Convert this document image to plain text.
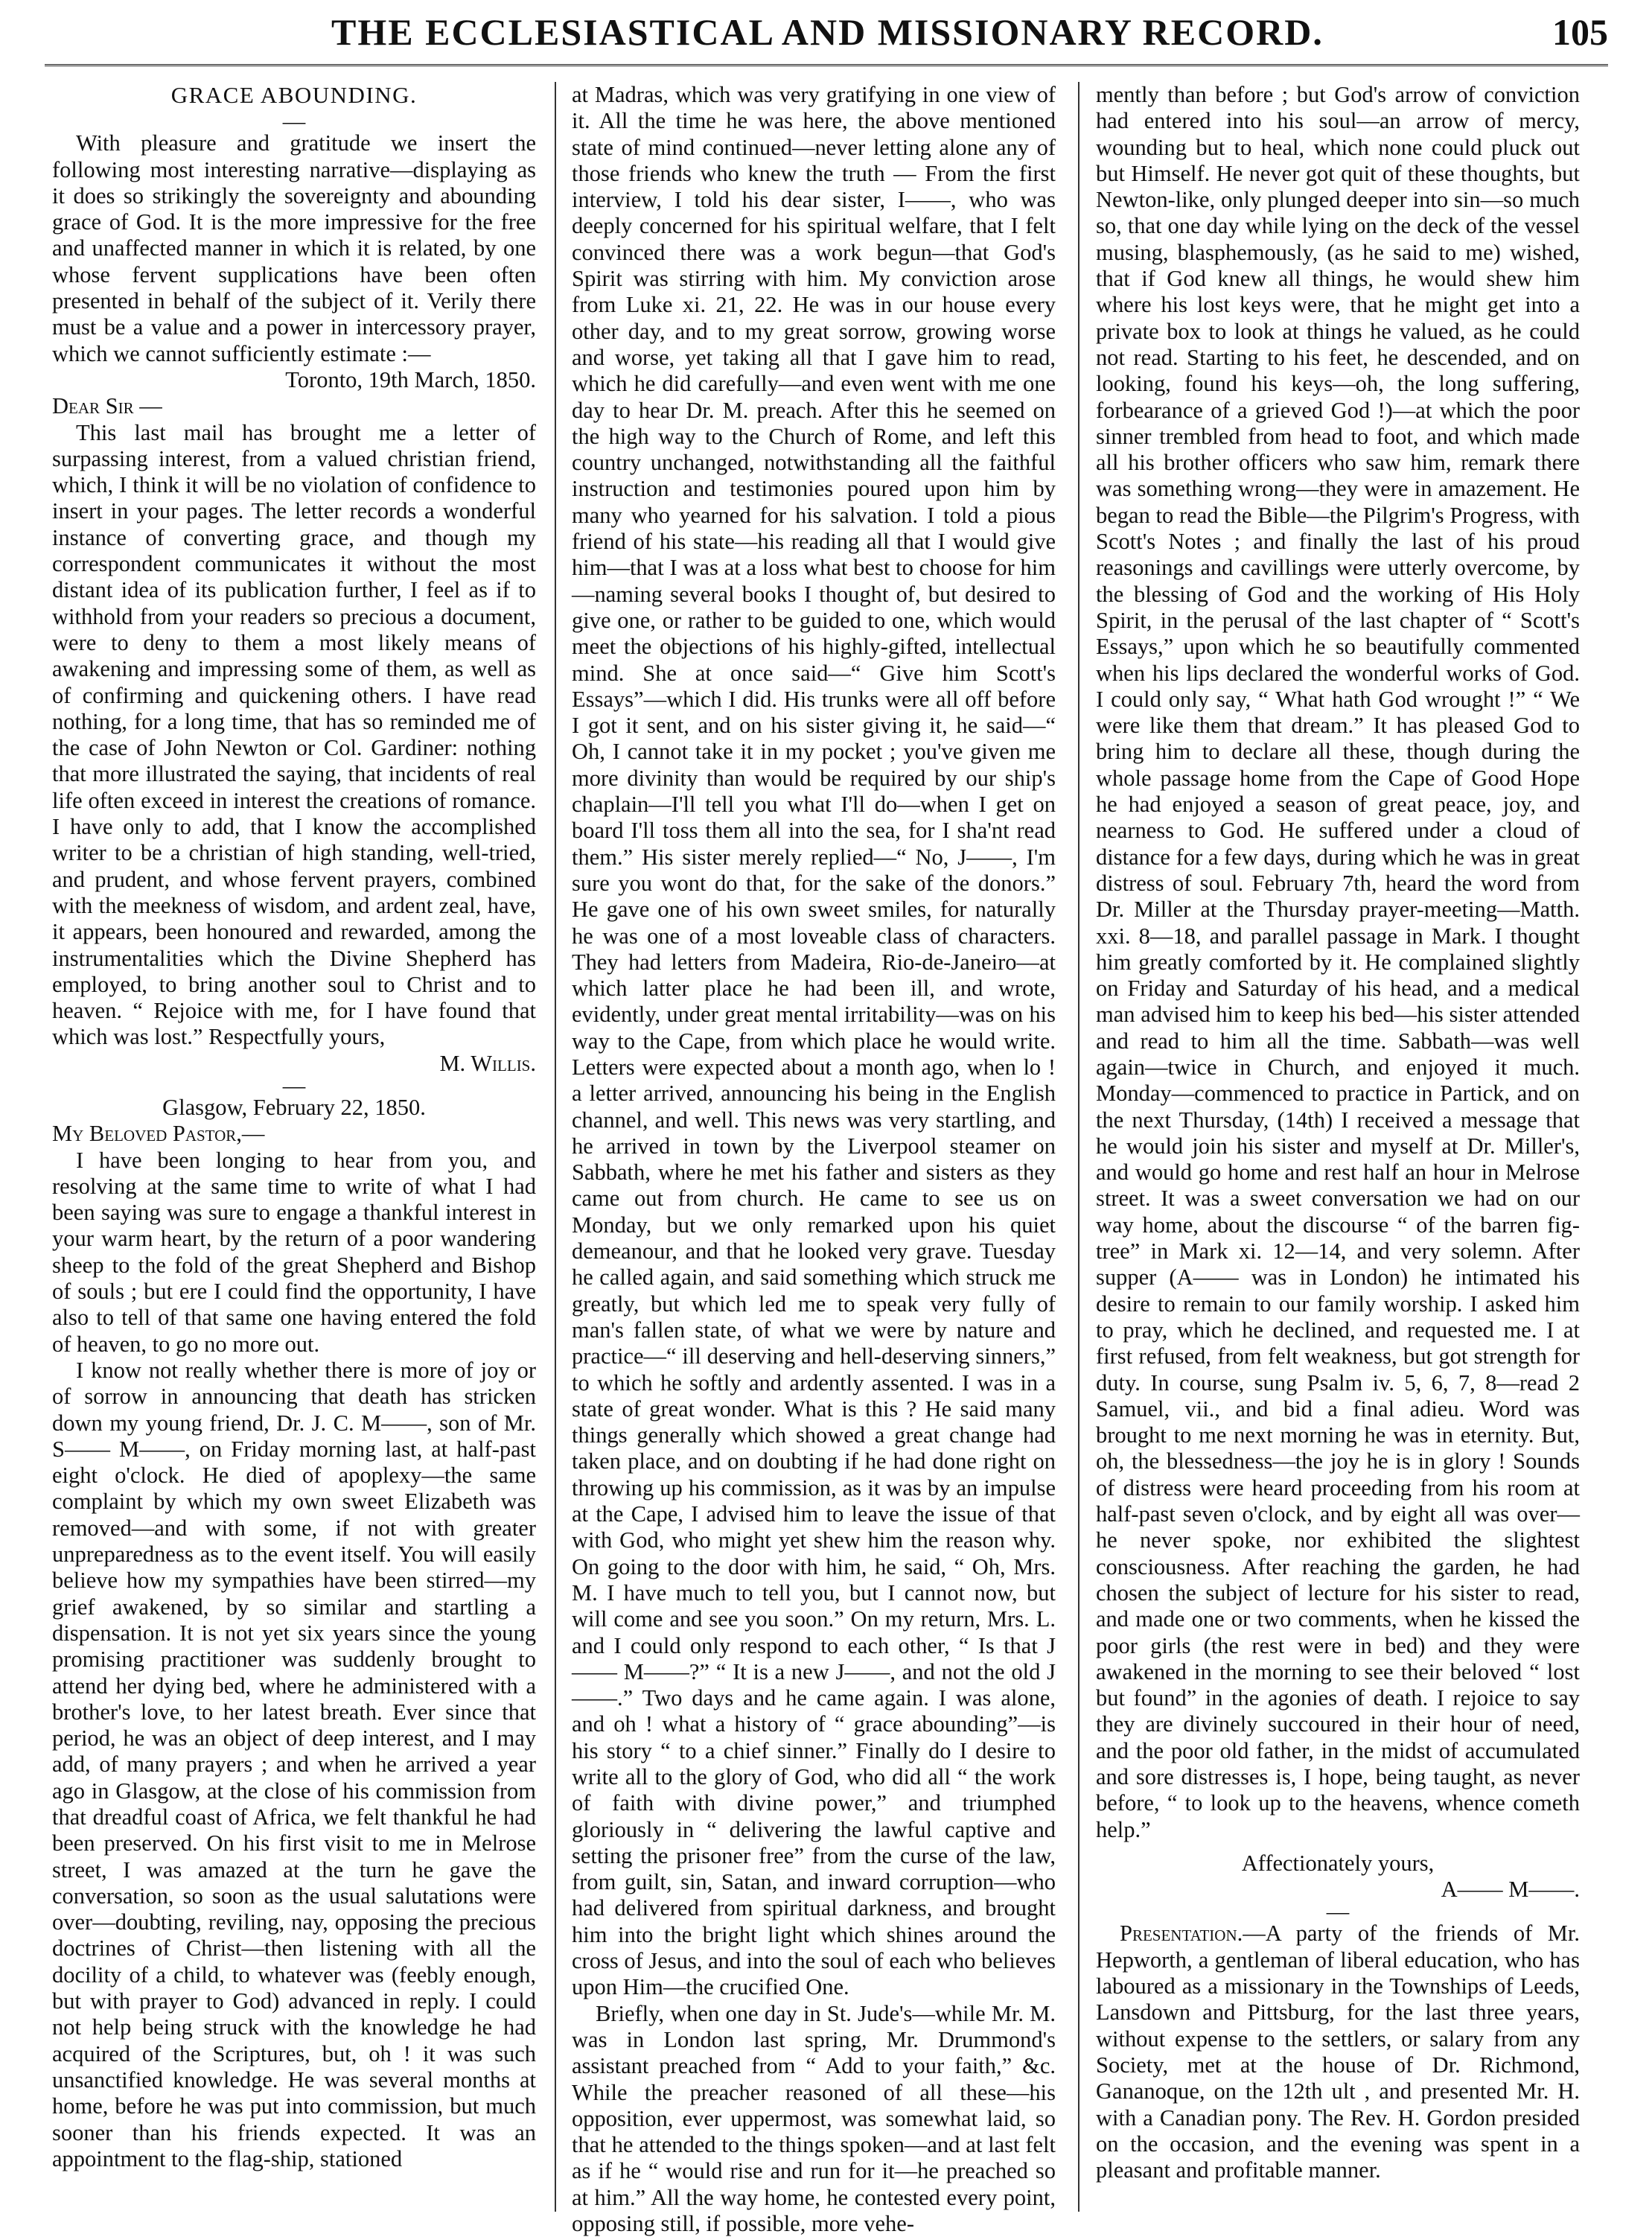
THE ECCLESIASTICAL AND MISSIONARY RECORD.	105

GRACE ABOUNDING.

—

With pleasure and gratitude we insert the following most interesting narrative—displaying as it does so strikingly the sovereignty and abounding grace of God. It is the more impressive for the free and unaffected manner in which it is related, by one whose fervent supplications have been often presented in behalf of the subject of it. Verily there must be a value and a power in intercessory prayer, which we cannot sufficiently estimate :—

Toronto, 19th March, 1850.

Dear Sir —

This last mail has brought me a letter of surpassing interest, from a valued christian friend, which, I think it will be no violation of confidence to insert in your pages. The letter records a wonderful instance of converting grace, and though my correspondent communicates it without the most distant idea of its publication further, I feel as if to withhold from your readers so precious a document, were to deny to them a most likely means of awakening and impressing some of them, as well as of confirming and quickening others. I have read nothing, for a long time, that has so reminded me of the case of John Newton or Col. Gardiner: nothing that more illustrated the saying, that incidents of real life often exceed in interest the creations of romance. I have only to add, that I know the accomplished writer to be a christian of high standing, well-tried, and prudent, and whose fervent prayers, combined with the meekness of wisdom, and ardent zeal, have, it appears, been honoured and rewarded, among the instrumentalities which the Divine Shepherd has employed, to bring another soul to Christ and to heaven. “ Rejoice with me, for I have found that which was lost.” Respectfully yours,

M. Willis.

—

Glasgow, February 22, 1850.

My Beloved Pastor,—

I have been longing to hear from you, and resolving at the same time to write of what I had been saying was sure to engage a thankful interest in your warm heart, by the return of a poor wandering sheep to the fold of the great Shepherd and Bishop of souls ; but ere I could find the opportunity, I have also to tell of that same one having entered the fold of heaven, to go no more out.

I know not really whether there is more of joy or of sorrow in announcing that death has stricken down my young friend, Dr. J. C. M——, son of Mr. S—— M——, on Friday morning last, at half-past eight o'clock. He died of apoplexy—the same complaint by which my own sweet Elizabeth was removed—and with some, if not with greater unpreparedness as to the event itself. You will easily believe how my sympathies have been stirred—my grief awakened, by so similar and startling a dispensation. It is not yet six years since the young promising practitioner was suddenly brought to attend her dying bed, where he administered with a brother's love, to her latest breath. Ever since that period, he was an object of deep interest, and I may add, of many prayers ; and when he arrived a year ago in Glasgow, at the close of his commission from that dreadful coast of Africa, we felt thankful he had been preserved. On his first visit to me in Melrose street, I was amazed at the turn he gave the conversation, so soon as the usual salutations were over—doubting, reviling, nay, opposing the precious doctrines of Christ—then listening with all the docility of a child, to whatever was (feebly enough, but with prayer to God) advanced in reply. I could not help being struck with the knowledge he had acquired of the Scriptures, but, oh ! it was such unsanctified knowledge. He was several months at home, before he was put into commission, but much sooner than his friends expected. It was an appointment to the flag-ship, stationed

at Madras, which was very gratifying in one view of it. All the time he was here, the above mentioned state of mind continued—never letting alone any of those friends who knew the truth — From the first interview, I told his dear sister, I——, who was deeply concerned for his spiritual welfare, that I felt convinced there was a work begun—that God's Spirit was stirring with him. My conviction arose from Luke xi. 21, 22. He was in our house every other day, and to my great sorrow, growing worse and worse, yet taking all that I gave him to read, which he did carefully—and even went with me one day to hear Dr. M. preach. After this he seemed on the high way to the Church of Rome, and left this country unchanged, notwithstanding all the faithful instruction and testimonies poured upon him by many who yearned for his salvation. I told a pious friend of his state—his reading all that I would give him—that I was at a loss what best to choose for him—naming several books I thought of, but desired to give one, or rather to be guided to one, which would meet the objections of his highly-gifted, intellectual mind. She at once said—“ Give him Scott's Essays”—which I did. His trunks were all off before I got it sent, and on his sister giving it, he said—“ Oh, I cannot take it in my pocket ; you've given me more divinity than would be required by our ship's chaplain—I'll tell you what I'll do—when I get on board I'll toss them all into the sea, for I sha'nt read them.” His sister merely replied—“ No, J——, I'm sure you wont do that, for the sake of the donors.” He gave one of his own sweet smiles, for naturally he was one of a most loveable class of characters. They had letters from Madeira, Rio-de-Janeiro—at which latter place he had been ill, and wrote, evidently, under great mental irritability—was on his way to the Cape, from which place he would write. Letters were expected about a month ago, when lo ! a letter arrived, announcing his being in the English channel, and well. This news was very startling, and he arrived in town by the Liverpool steamer on Sabbath, where he met his father and sisters as they came out from church. He came to see us on Monday, but we only remarked upon his quiet demeanour, and that he looked very grave. Tuesday he called again, and said something which struck me greatly, but which led me to speak very fully of man's fallen state, of what we were by nature and practice—“ ill deserving and hell-deserving sinners,” to which he softly and ardently assented. I was in a state of great wonder. What is this ? He said many things generally which showed a great change had taken place, and on doubting if he had done right on throwing up his commission, as it was by an impulse at the Cape, I advised him to leave the issue of that with God, who might yet shew him the reason why. On going to the door with him, he said, “ Oh, Mrs. M. I have much to tell you, but I cannot now, but will come and see you soon.” On my return, Mrs. L. and I could only respond to each other, “ Is that J—— M——?” “ It is a new J——, and not the old J——.” Two days and he came again. I was alone, and oh ! what a history of “ grace abounding”—is his story “ to a chief sinner.” Finally do I desire to write all to the glory of God, who did all “ the work of faith with divine power,” and triumphed gloriously in “ delivering the lawful captive and setting the prisoner free” from the curse of the law, from guilt, sin, Satan, and inward corruption—who had delivered from spiritual darkness, and brought him into the bright light which shines around the cross of Jesus, and into the soul of each who believes upon Him—the crucified One.

Briefly, when one day in St. Jude's—while Mr. M. was in London last spring, Mr. Drummond's assistant preached from “ Add to your faith,” &c. While the preacher reasoned of all these—his opposition, ever uppermost, was somewhat laid, so that he attended to the things spoken—and at last felt as if he “ would rise and run for it—he preached so at him.” All the way home, he contested every point, opposing still, if possible, more vehe-

mently than before ; but God's arrow of conviction had entered into his soul—an arrow of mercy, wounding but to heal, which none could pluck out but Himself. He never got quit of these thoughts, but Newton-like, only plunged deeper into sin—so much so, that one day while lying on the deck of the vessel musing, blasphemously, (as he said to me) wished, that if God knew all things, he would shew him where his lost keys were, that he might get into a private box to look at things he valued, as he could not read. Starting to his feet, he descended, and on looking, found his keys—oh, the long suffering, forbearance of a grieved God !)—at which the poor sinner trembled from head to foot, and which made all his brother officers who saw him, remark there was something wrong—they were in amazement. He began to read the Bible—the Pilgrim's Progress, with Scott's Notes ; and finally the last of his proud reasonings and cavillings were utterly overcome, by the blessing of God and the working of His Holy Spirit, in the perusal of the last chapter of “ Scott's Essays,” upon which he so beautifully commented when his lips declared the wonderful works of God. I could only say, “ What hath God wrought !” “ We were like them that dream.” It has pleased God to bring him to declare all these, though during the whole passage home from the Cape of Good Hope he had enjoyed a season of great peace, joy, and nearness to God. He suffered under a cloud of distance for a few days, during which he was in great distress of soul. February 7th, heard the word from Dr. Miller at the Thursday prayer-meeting—Matth. xxi. 8—18, and parallel passage in Mark. I thought him greatly comforted by it. He complained slightly on Friday and Saturday of his head, and a medical man advised him to keep his bed—his sister attended and read to him all the time. Sabbath—was well again—twice in Church, and enjoyed it much. Monday—commenced to practice in Partick, and on the next Thursday, (14th) I received a message that he would join his sister and myself at Dr. Miller's, and would go home and rest half an hour in Melrose street. It was a sweet conversation we had on our way home, about the discourse “ of the barren fig-tree” in Mark xi. 12—14, and very solemn. After supper (A—— was in London) he intimated his desire to remain to our family worship. I asked him to pray, which he declined, and requested me. I at first refused, from felt weakness, but got strength for duty. In course, sung Psalm iv. 5, 6, 7, 8—read 2 Samuel, vii., and bid a final adieu. Word was brought to me next morning he was in eternity. But, oh, the blessedness—the joy he is in glory ! Sounds of distress were heard proceeding from his room at half-past seven o'clock, and by eight all was over—he never spoke, nor exhibited the slightest consciousness. After reaching the garden, he had chosen the subject of lecture for his sister to read, and made one or two comments, when he kissed the poor girls (the rest were in bed) and they were awakened in the morning to see their beloved “ lost but found” in the agonies of death. I rejoice to say they are divinely succoured in their hour of need, and the poor old father, in the midst of accumulated and sore distresses is, I hope, being taught, as never before, “ to look up to the heavens, whence cometh help.”

Affectionately yours,

A—— M——.

—

Presentation.—A party of the friends of Mr. Hepworth, a gentleman of liberal education, who has laboured as a missionary in the Townships of Leeds, Lansdown and Pittsburg, for the last three years, without expense to the settlers, or salary from any Society, met at the house of Dr. Richmond, Gananoque, on the 12th ult , and presented Mr. H. with a Canadian pony. The Rev. H. Gordon presided on the occasion, and the evening was spent in a pleasant and profitable manner.
